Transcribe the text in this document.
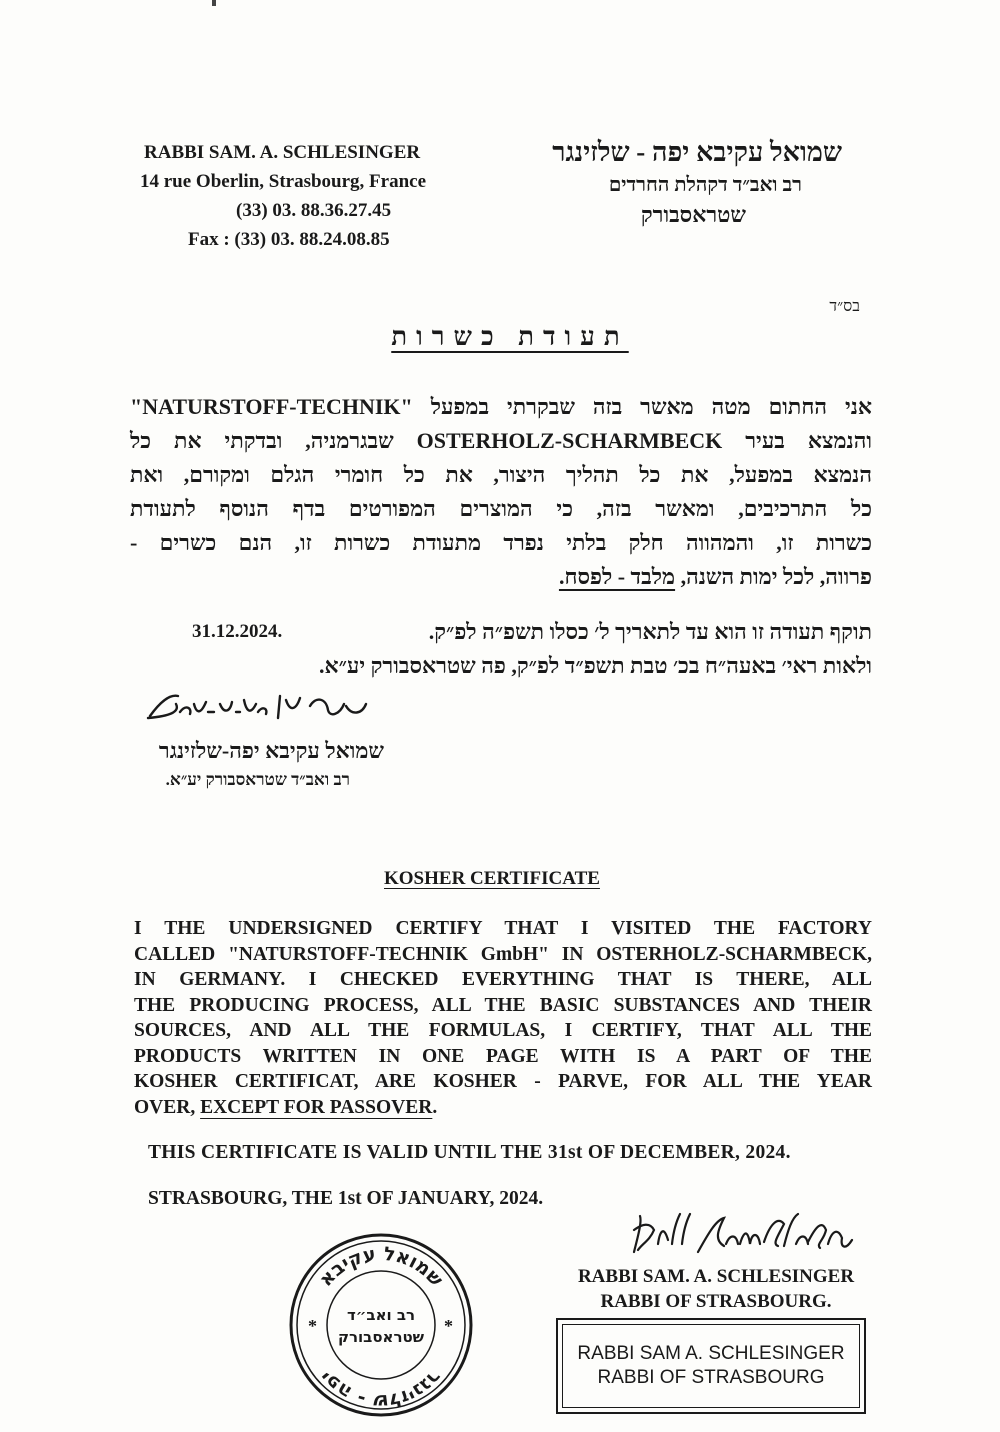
RABBI SAM. A. SCHLESINGER
14 rue Oberlin, Strasbourg, France
(33) 03. 88.36.27.45
Fax : (33) 03. 88.24.08.85
שמואל עקיבא יפה - שלזינגר
רב ואב״ד דקהלת החרדים
שטראסבורק
בס״ד
תעודת כשרות
אני החתום מטה מאשר בזה שבקרתי במפעל "NATURSTOFF-TECHNIK"
והנמצא בעיר OSTERHOLZ-SCHARMBECK שבגרמניה, ובדקתי את כל
הנמצא במפעל, את כל תהליך היצור, את כל חומרי הגלם ומקורם, ואת
כל התרכיבים, ומאשר בזה, כי המוצרים המפורטים בדף הנוסף לתעודת
כשרות זו, והמהווה חלק בלתי נפרד מתעודת כשרות זו, הנם כשרים -
פרווה, לכל ימות השנה, מלבד - לפסח.
תוקף תעודה זו הוא עד לתאריך ל׳ כסלו תשפ״ה לפ״ק.
ולאות ראי׳ באעה״ח בכ׳ טבת תשפ״ד לפ״ק, פה שטראסבורק יע״א.
31.12.2024.
שמואל עקיבא יפה-שלזינגר
רב ואב״ד שטראסבורק יע״א.
KOSHER CERTIFICATE
I THE UNDERSIGNED CERTIFY THAT I VISITED THE FACTORY
CALLED "NATURSTOFF-TECHNIK GmbH" IN OSTERHOLZ-SCHARMBECK,
IN GERMANY. I CHECKED EVERYTHING THAT IS THERE, ALL
THE PRODUCING PROCESS, ALL THE BASIC SUBSTANCES AND THEIR
SOURCES, AND ALL THE FORMULAS, I CERTIFY, THAT ALL THE
PRODUCTS WRITTEN IN ONE PAGE WITH IS A PART OF THE
KOSHER CERTIFICAT, ARE KOSHER - PARVE, FOR ALL THE YEAR
OVER, EXCEPT FOR PASSOVER.
THIS CERTIFICATE IS VALID UNTIL THE 31st OF DECEMBER, 2024.
STRASBOURG, THE 1st OF JANUARY, 2024.
RABBI SAM. A. SCHLESINGER
RABBI OF STRASBOURG.
שמואל עקיבא
יפה - שלזינגר
*	*
רב ואב״ד
שטראסבורק
RABBI SAM A. SCHLESINGER
RABBI OF STRASBOURG
